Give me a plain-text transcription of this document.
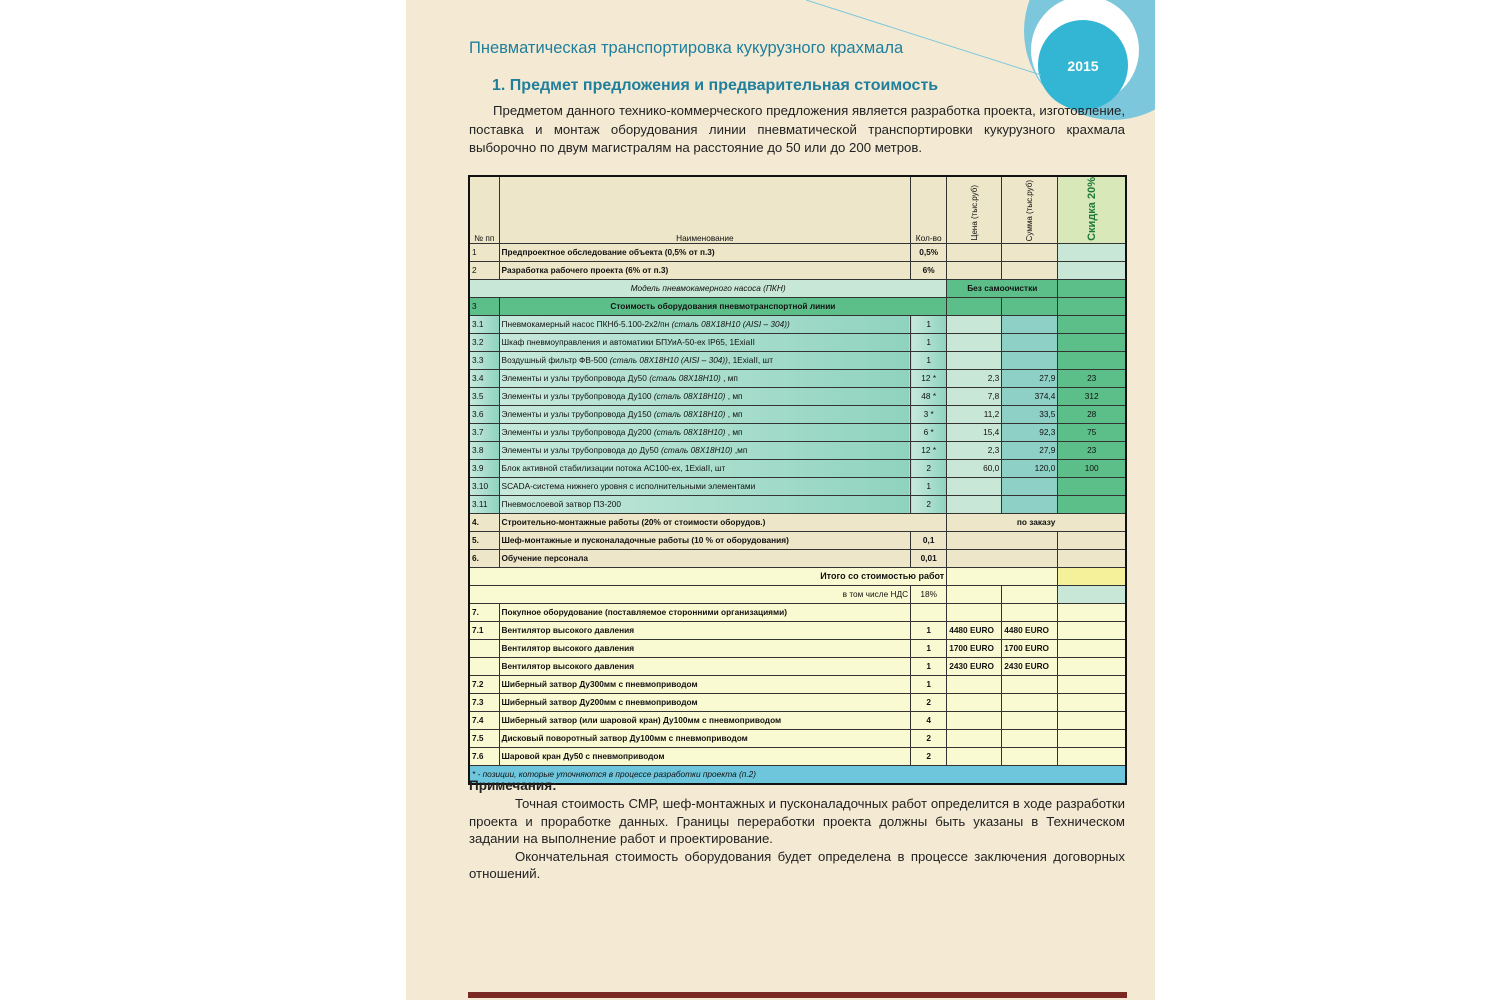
2015
Пневматическая транспортировка кукурузного крахмала
1. Предмет предложения и предварительная стоимость
Предметом данного технико-коммерческого предложения является разработка проекта, изготовление, поставка и монтаж оборудования линии пневматической транспортировки кукурузного крахмала выборочно по двум магистралям на расстояние до 50 или до 200 метров.
№ пп	Наименование	Кол-во	Цена (тыс.руб)	Сумма (тыс.руб)	Скидка 20%
1	Предпроектное обследование объекта (0,5% от п.3)	0,5%			
2	Разработка рабочего проекта (6% от п.3)	6%			
Модель пневмокамерного насоса (ПКН)			Без самоочистки		
3	Стоимость оборудования пневмотранспортной линии				
3.1	Пневмокамерный насос ПКНб-5.100-2х2/пн (сталь 08Х18Н10 (AISI – 304))	1			
3.2	Шкаф пневмоуправления и автоматики БПУиА-50-ех IP65, 1ExiaII	1			
3.3	Воздушный фильтр ФВ-500 (сталь 08Х18Н10 (AISI – 304)), 1ExiaII, шт	1			
3.4	Элементы и узлы трубопровода Ду50 (сталь 08Х18Н10) , мп	12 *	2,3	27,9	23
3.5	Элементы и узлы трубопровода Ду100 (сталь 08Х18Н10) , мп	48 *	7,8	374,4	312
3.6	Элементы и узлы трубопровода Ду150 (сталь 08Х18Н10) , мп	3 *	11,2	33,5	28
3.7	Элементы и узлы трубопровода Ду200 (сталь 08Х18Н10) , мп	6 *	15,4	92,3	75
3.8	Элементы и узлы трубопровода до Ду50 (сталь 08Х18Н10) ,мп	12 *	2,3	27,9	23
3.9	Блок активной стабилизации потока АС100-ех, 1ExiaII, шт	2	60,0	120,0	100
3.10	SCADA-система нижнего уровня с исполнительными элементами	1			
3.11	Пневмослоевой затвор ПЗ-200	2			
4.	Строительно-монтажные работы (20% от стоимости оборудов.)		по заказу		
5.	Шеф-монтажные и пусконаладочные работы (10 % от оборудования)	0,1			
6.	Обучение персонала	0,01			
Итого со стоимостью работ					
в том числе НДС		18%			
7.	Покупное оборудование (поставляемое сторонними организациями)				
7.1	Вентилятор высокого давления	1	4480 EURO	4480 EURO	
	Вентилятор высокого давления	1	1700 EURO	1700 EURO	
	Вентилятор высокого давления	1	2430 EURO	2430 EURO	
7.2	Шиберный затвор Ду300мм с пневмоприводом	1			
7.3	Шиберный затвор Ду200мм с пневмоприводом	2			
7.4	Шиберный затвор (или шаровой кран) Ду100мм с пневмоприводом	4			
7.5	Дисковый поворотный затвор Ду100мм с пневмоприводом	2			
7.6	Шаровой кран Ду50 с пневмоприводом	2			
* - позиции, которые уточняются в процессе разработки проекта (п.2)					
Примечания:

Точная стоимость СМР, шеф-монтажных и пусконаладочных работ определится в ходе разработки проекта и проработке данных. Границы переработки проекта должны быть указаны в Техническом задании на выполнение работ и проектирование.

Окончательная стоимость оборудования будет определена в процессе заключения договорных отношений.
